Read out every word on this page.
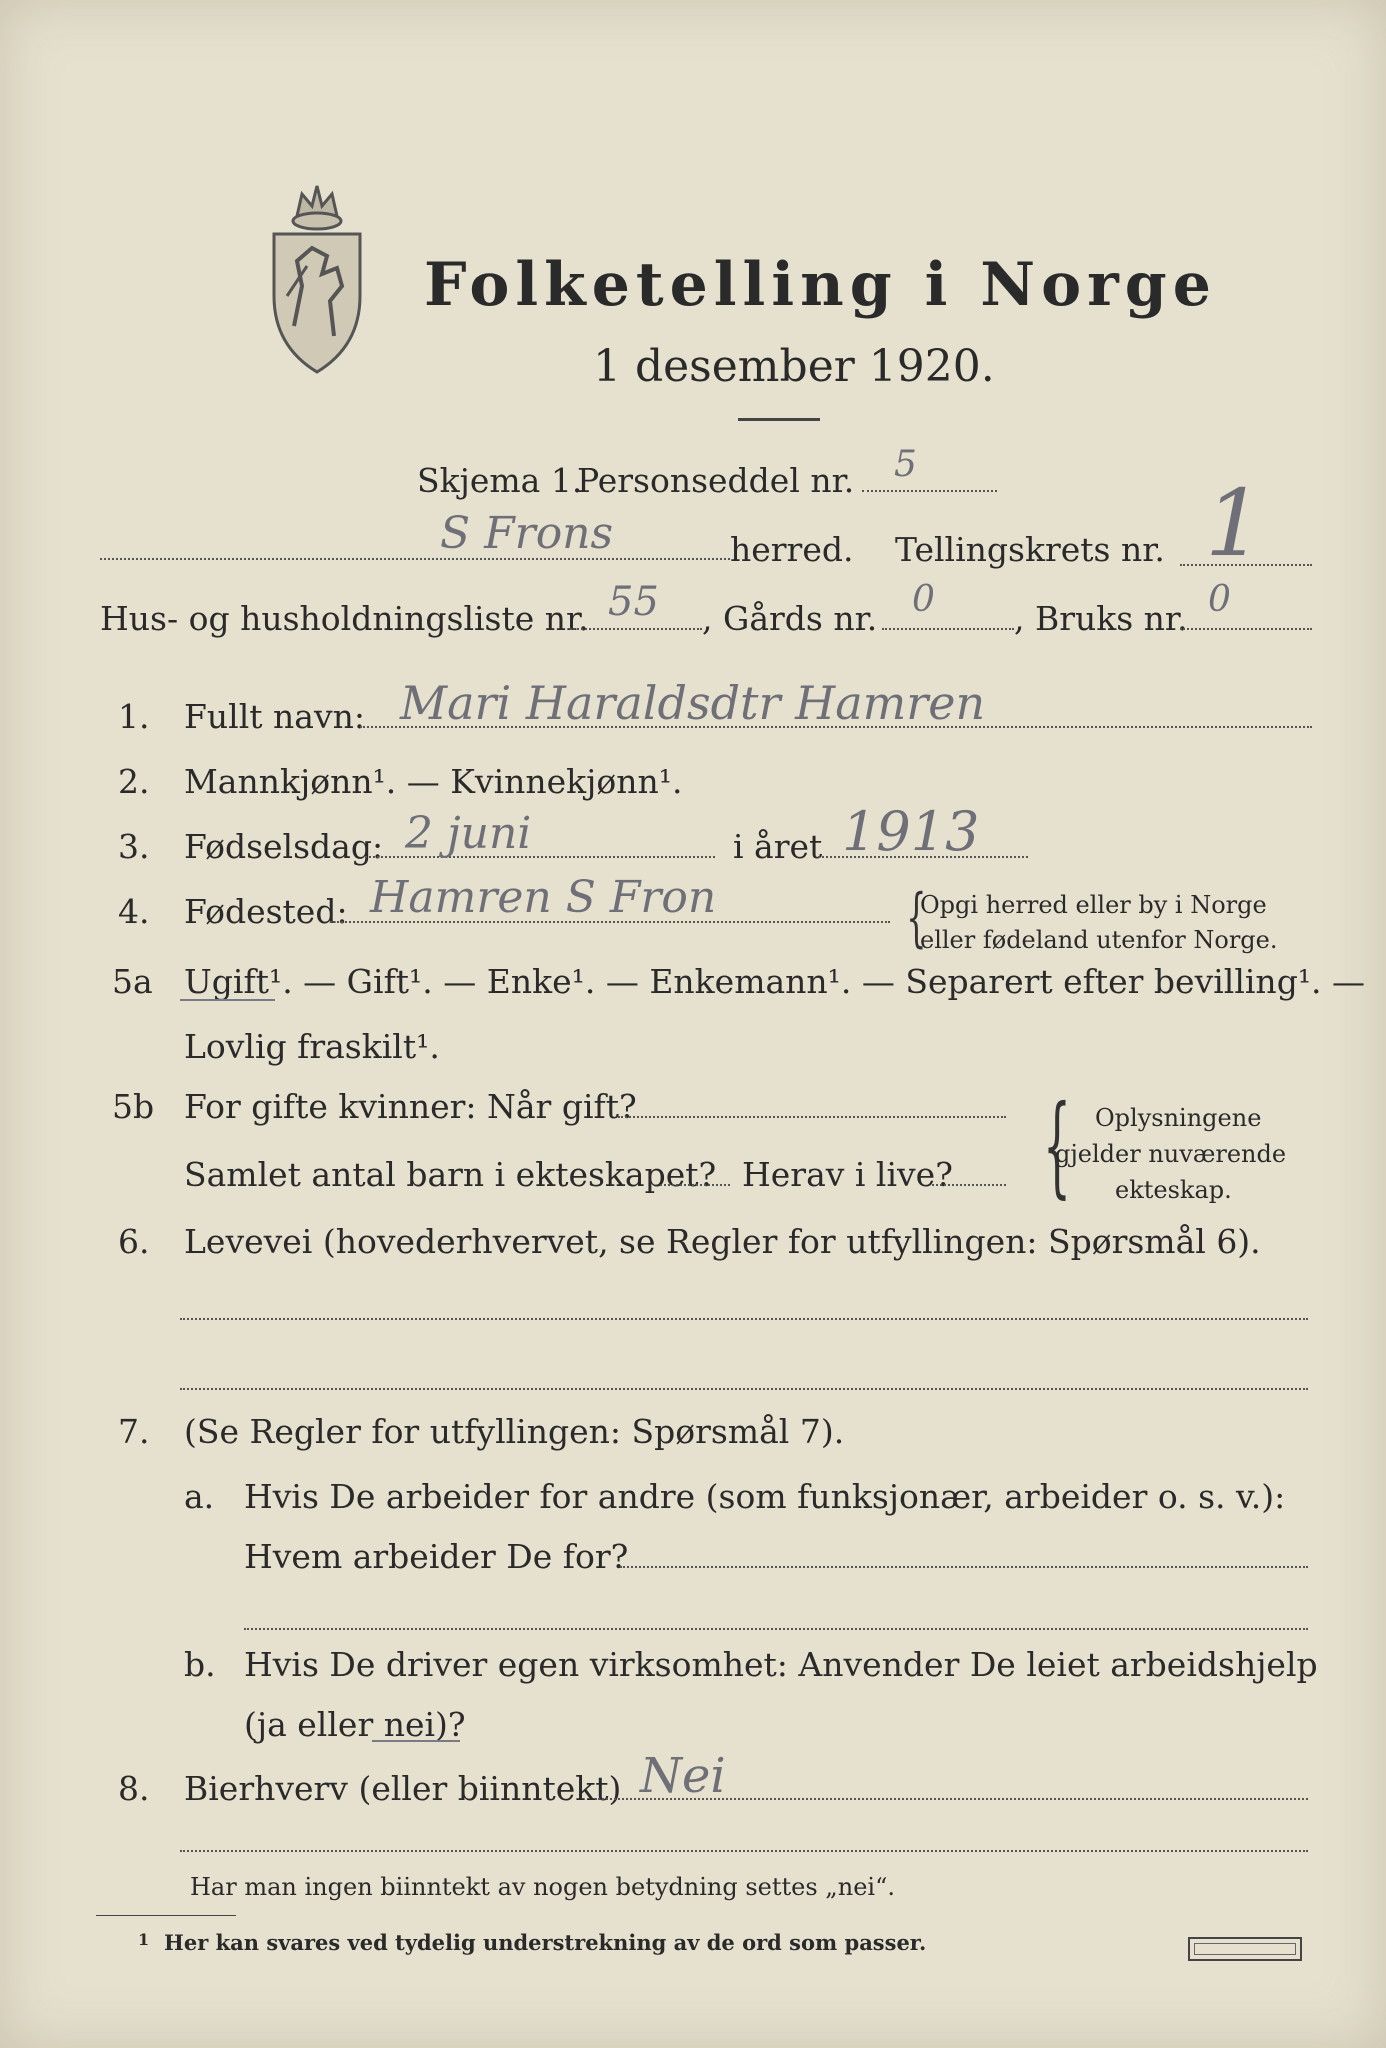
Folketelling i Norge
1 desember 1920.
Skjema 1.
Personseddel nr. 5
S Frons	herred. Tellingskrets nr. 1
Hus- og husholdningsliste nr. 55 , Gårds nr. 0 , Bruks nr. 0
1. Fullt navn: Mari Haraldsdtr Hamren
2. Mannkjønn¹. — Kvinnekjønn¹.
3. Fødselsdag: 2 juni	i året 1913
4. Fødested: Hamren S Fron	{
Opgi herred eller by i Norge
eller fødeland utenfor Norge.
5a Ugift¹. — Gift¹. — Enke¹. — Enkemann¹. — Separert efter bevilling¹. —
Lovlig fraskilt¹.
5b For gifte kvinner: Når gift?
Samlet antal barn i ekteskapet? Herav i live? { Oplysningene
gjelder nuværende
ekteskap.
6. Levevei (hovederhvervet, se Regler for utfyllingen: Spørsmål 6).
7. (Se Regler for utfyllingen: Spørsmål 7).
a. Hvis De arbeider for andre (som funksjonær, arbeider o. s. v.):
Hvem arbeider De for?
b. Hvis De driver egen virksomhet: Anvender De leiet arbeidshjelp
(ja eller nei)?
8. Bierhverv (eller biinntekt) Nei
Har man ingen biinntekt av nogen betydning settes „nei“.
1 Her kan svares ved tydelig understrekning av de ord som passer.
